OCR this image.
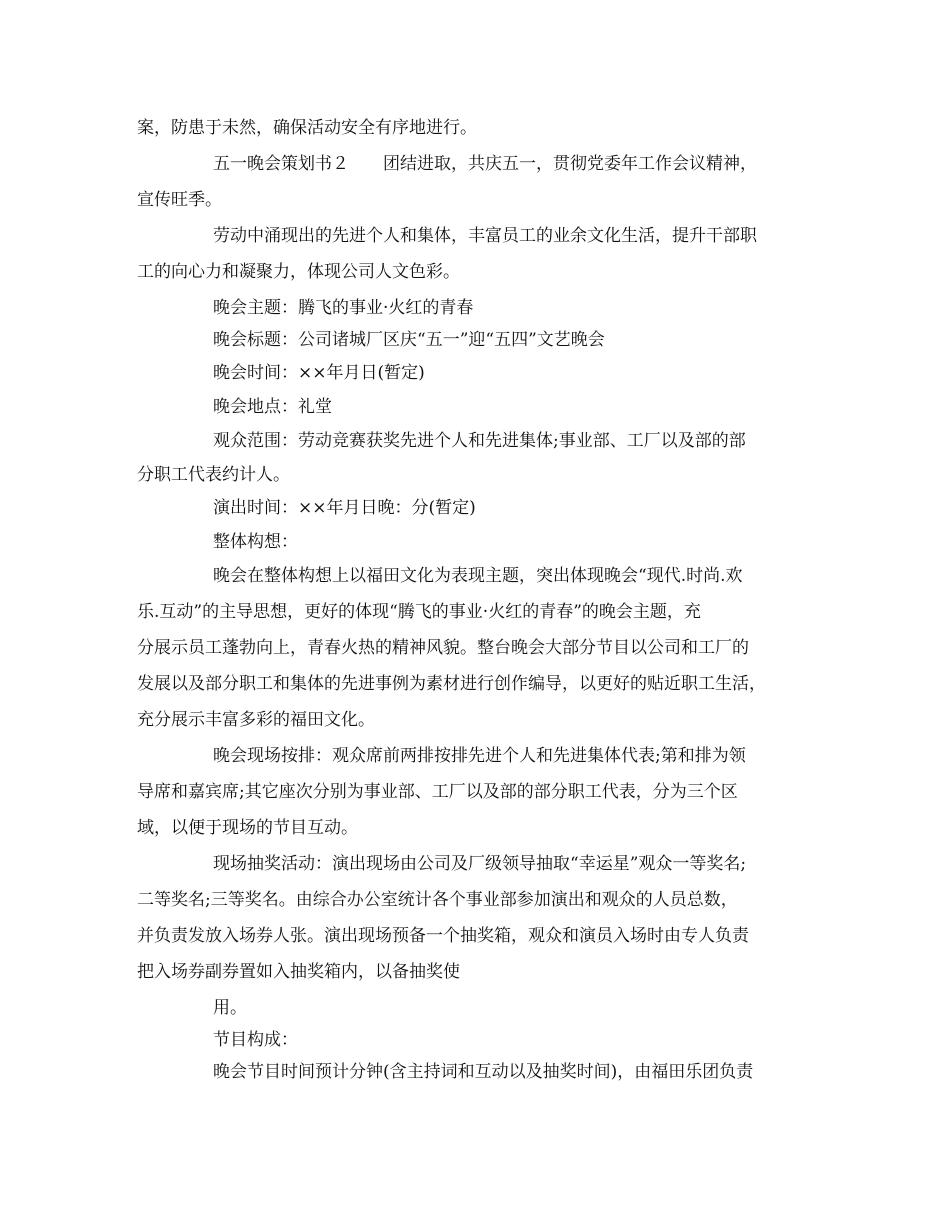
案，防患于未然，确保活动安全有序地进行。
五一晚会策划书２　　团结进取，共庆五一，贯彻党委年工作会议精神，
宣传旺季。
劳动中涌现出的先进个人和集体，丰富员工的业余文化生活，提升干部职
工的向心力和凝聚力，体现公司人文色彩。
晚会主题：腾飞的事业·火红的青春
晚会标题：公司诸城厂区庆“五一”迎“五四”文艺晚会
晚会时间：××年月日(暂定)
晚会地点：礼堂
观众范围：劳动竞赛获奖先进个人和先进集体;事业部、工厂以及部的部
分职工代表约计人。
演出时间：××年月日晚：分(暂定)
整体构想：
晚会在整体构想上以福田文化为表现主题，突出体现晚会“现代.时尚.欢
乐.互动”的主导思想，更好的体现“腾飞的事业·火红的青春”的晚会主题，充
分展示员工蓬勃向上，青春火热的精神风貌。整台晚会大部分节目以公司和工厂的
发展以及部分职工和集体的先进事例为素材进行创作编导，以更好的贴近职工生活，
充分展示丰富多彩的福田文化。
晚会现场按排：观众席前两排按排先进个人和先进集体代表;第和排为领
导席和嘉宾席;其它座次分别为事业部、工厂以及部的部分职工代表，分为三个区
域，以便于现场的节目互动。
现场抽奖活动：演出现场由公司及厂级领导抽取“幸运星”观众一等奖名;
二等奖名;三等奖名。由综合办公室统计各个事业部参加演出和观众的人员总数，
并负责发放入场券人张。演出现场预备一个抽奖箱，观众和演员入场时由专人负责
把入场券副券置如入抽奖箱内，以备抽奖使
用。
节目构成：
晚会节目时间预计分钟(含主持词和互动以及抽奖时间)，由福田乐团负责
